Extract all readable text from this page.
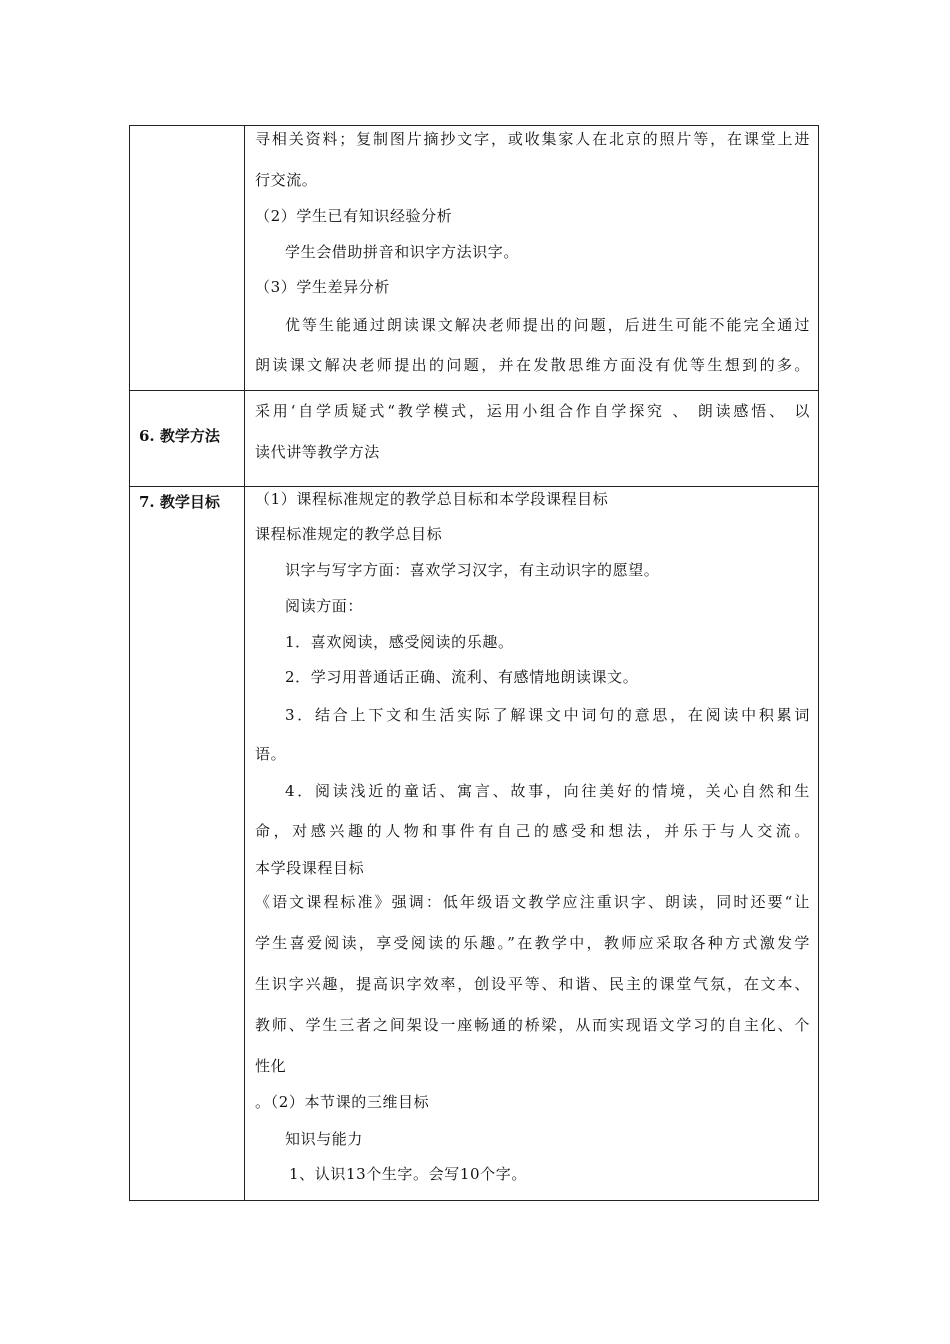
寻相关资料；复制图片摘抄文字，或收集家人在北京的照片等，在课堂上进
行交流。
（2）学生已有知识经验分析
学生会借助拼音和识字方法识字。
（3）学生差异分析
优等生能通过朗读课文解决老师提出的问题，后进生可能不能完全通过
朗读课文解决老师提出的问题，并在发散思维方面没有优等生想到的多。
6. 教学方法
采用‘自学质疑式“教学模式，运用小组合作自学探究 、 朗读感悟、 以
读代讲等教学方法
7. 教学目标 （1）课程标准规定的教学总目标和本学段课程目标
课程标准规定的教学总目标
识字与写字方面：喜欢学习汉字，有主动识字的愿望。
阅读方面：
1．喜欢阅读，感受阅读的乐趣。
2．学习用普通话正确、流利、有感情地朗读课文。
3．结合上下文和生活实际了解课文中词句的意思，在阅读中积累词
语。
4．阅读浅近的童话、寓言、故事，向往美好的情境，关心自然和生
命，对感兴趣的人物和事件有自己的感受和想法，并乐于与人交流。
本学段课程目标
《语文课程标准》强调：低年级语文教学应注重识字、朗读，同时还要“让
学生喜爱阅读，享受阅读的乐趣。”在教学中，教师应采取各种方式激发学
生识字兴趣，提高识字效率，创设平等、和谐、民主的课堂气氛，在文本、
教师、学生三者之间架设一座畅通的桥梁，从而实现语文学习的自主化、个
性化
。（2）本节课的三维目标
知识与能力
1、认识13个生字。会写10个字。
